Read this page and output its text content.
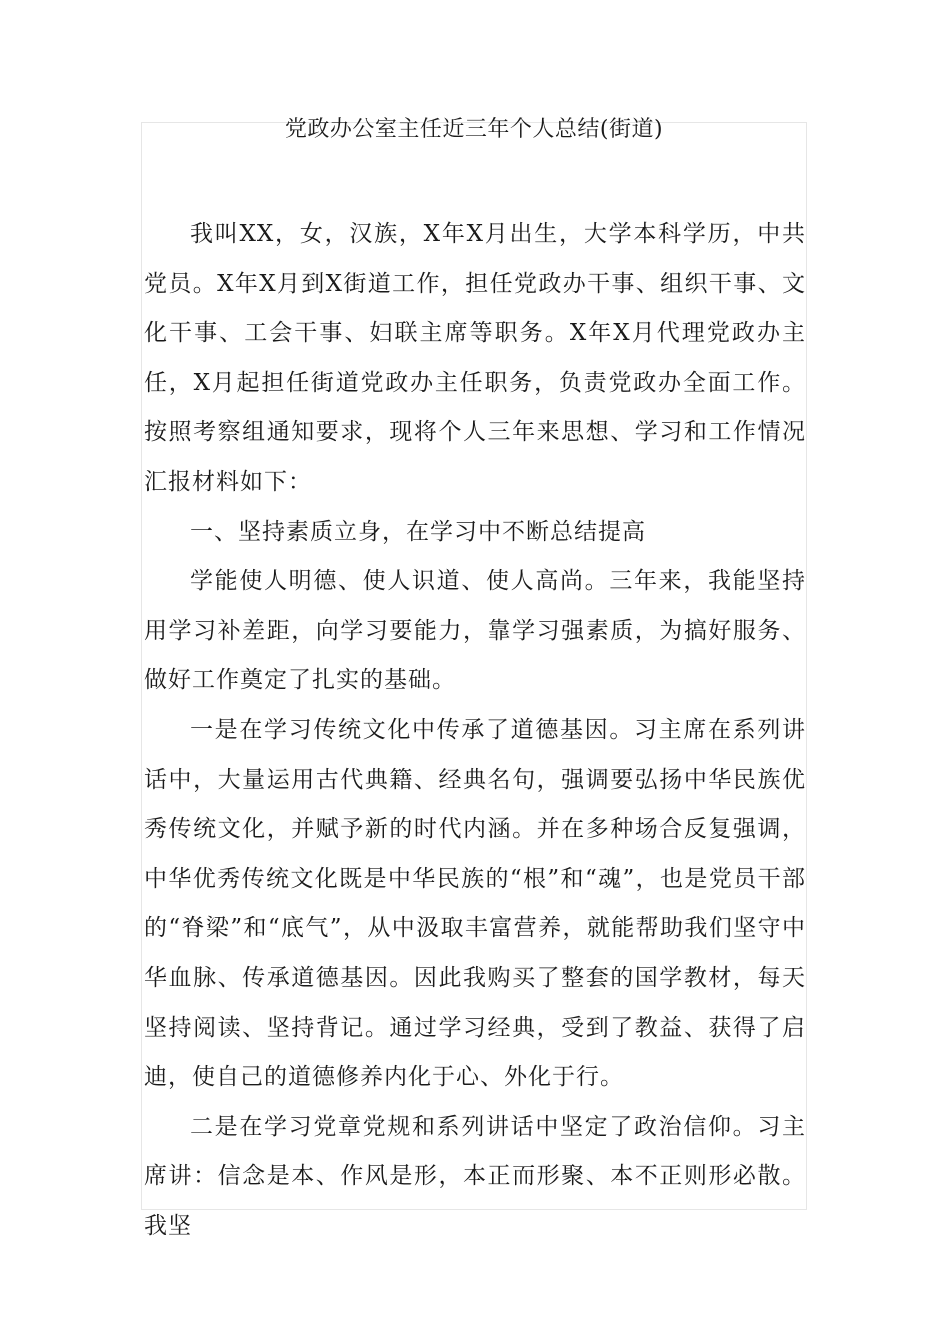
党政办公室主任近三年个人总结(街道)

我叫XX，女，汉族，X年X月出生，大学本科学历，中共党员。X年X月到X街道工作，担任党政办干事、组织干事、文化干事、工会干事、妇联主席等职务。X年X月代理党政办主任，X月起担任街道党政办主任职务，负责党政办全面工作。按照考察组通知要求，现将个人三年来思想、学习和工作情况汇报材料如下：

一、坚持素质立身，在学习中不断总结提高

学能使人明德、使人识道、使人高尚。三年来，我能坚持用学习补差距，向学习要能力，靠学习强素质，为搞好服务、做好工作奠定了扎实的基础。

一是在学习传统文化中传承了道德基因。习主席在系列讲话中，大量运用古代典籍、经典名句，强调要弘扬中华民族优秀传统文化，并赋予新的时代内涵。并在多种场合反复强调，中华优秀传统文化既是中华民族的“根”和“魂”，也是党员干部的“脊梁”和“底气”，从中汲取丰富营养，就能帮助我们坚守中华血脉、传承道德基因。因此我购买了整套的国学教材，每天坚持阅读、坚持背记。通过学习经典，受到了教益、获得了启迪，使自己的道德修养内化于心、外化于行。

二是在学习党章党规和系列讲话中坚定了政治信仰。习主席讲：信念是本、作风是形，本正而形聚、本不正则形必散。我坚
